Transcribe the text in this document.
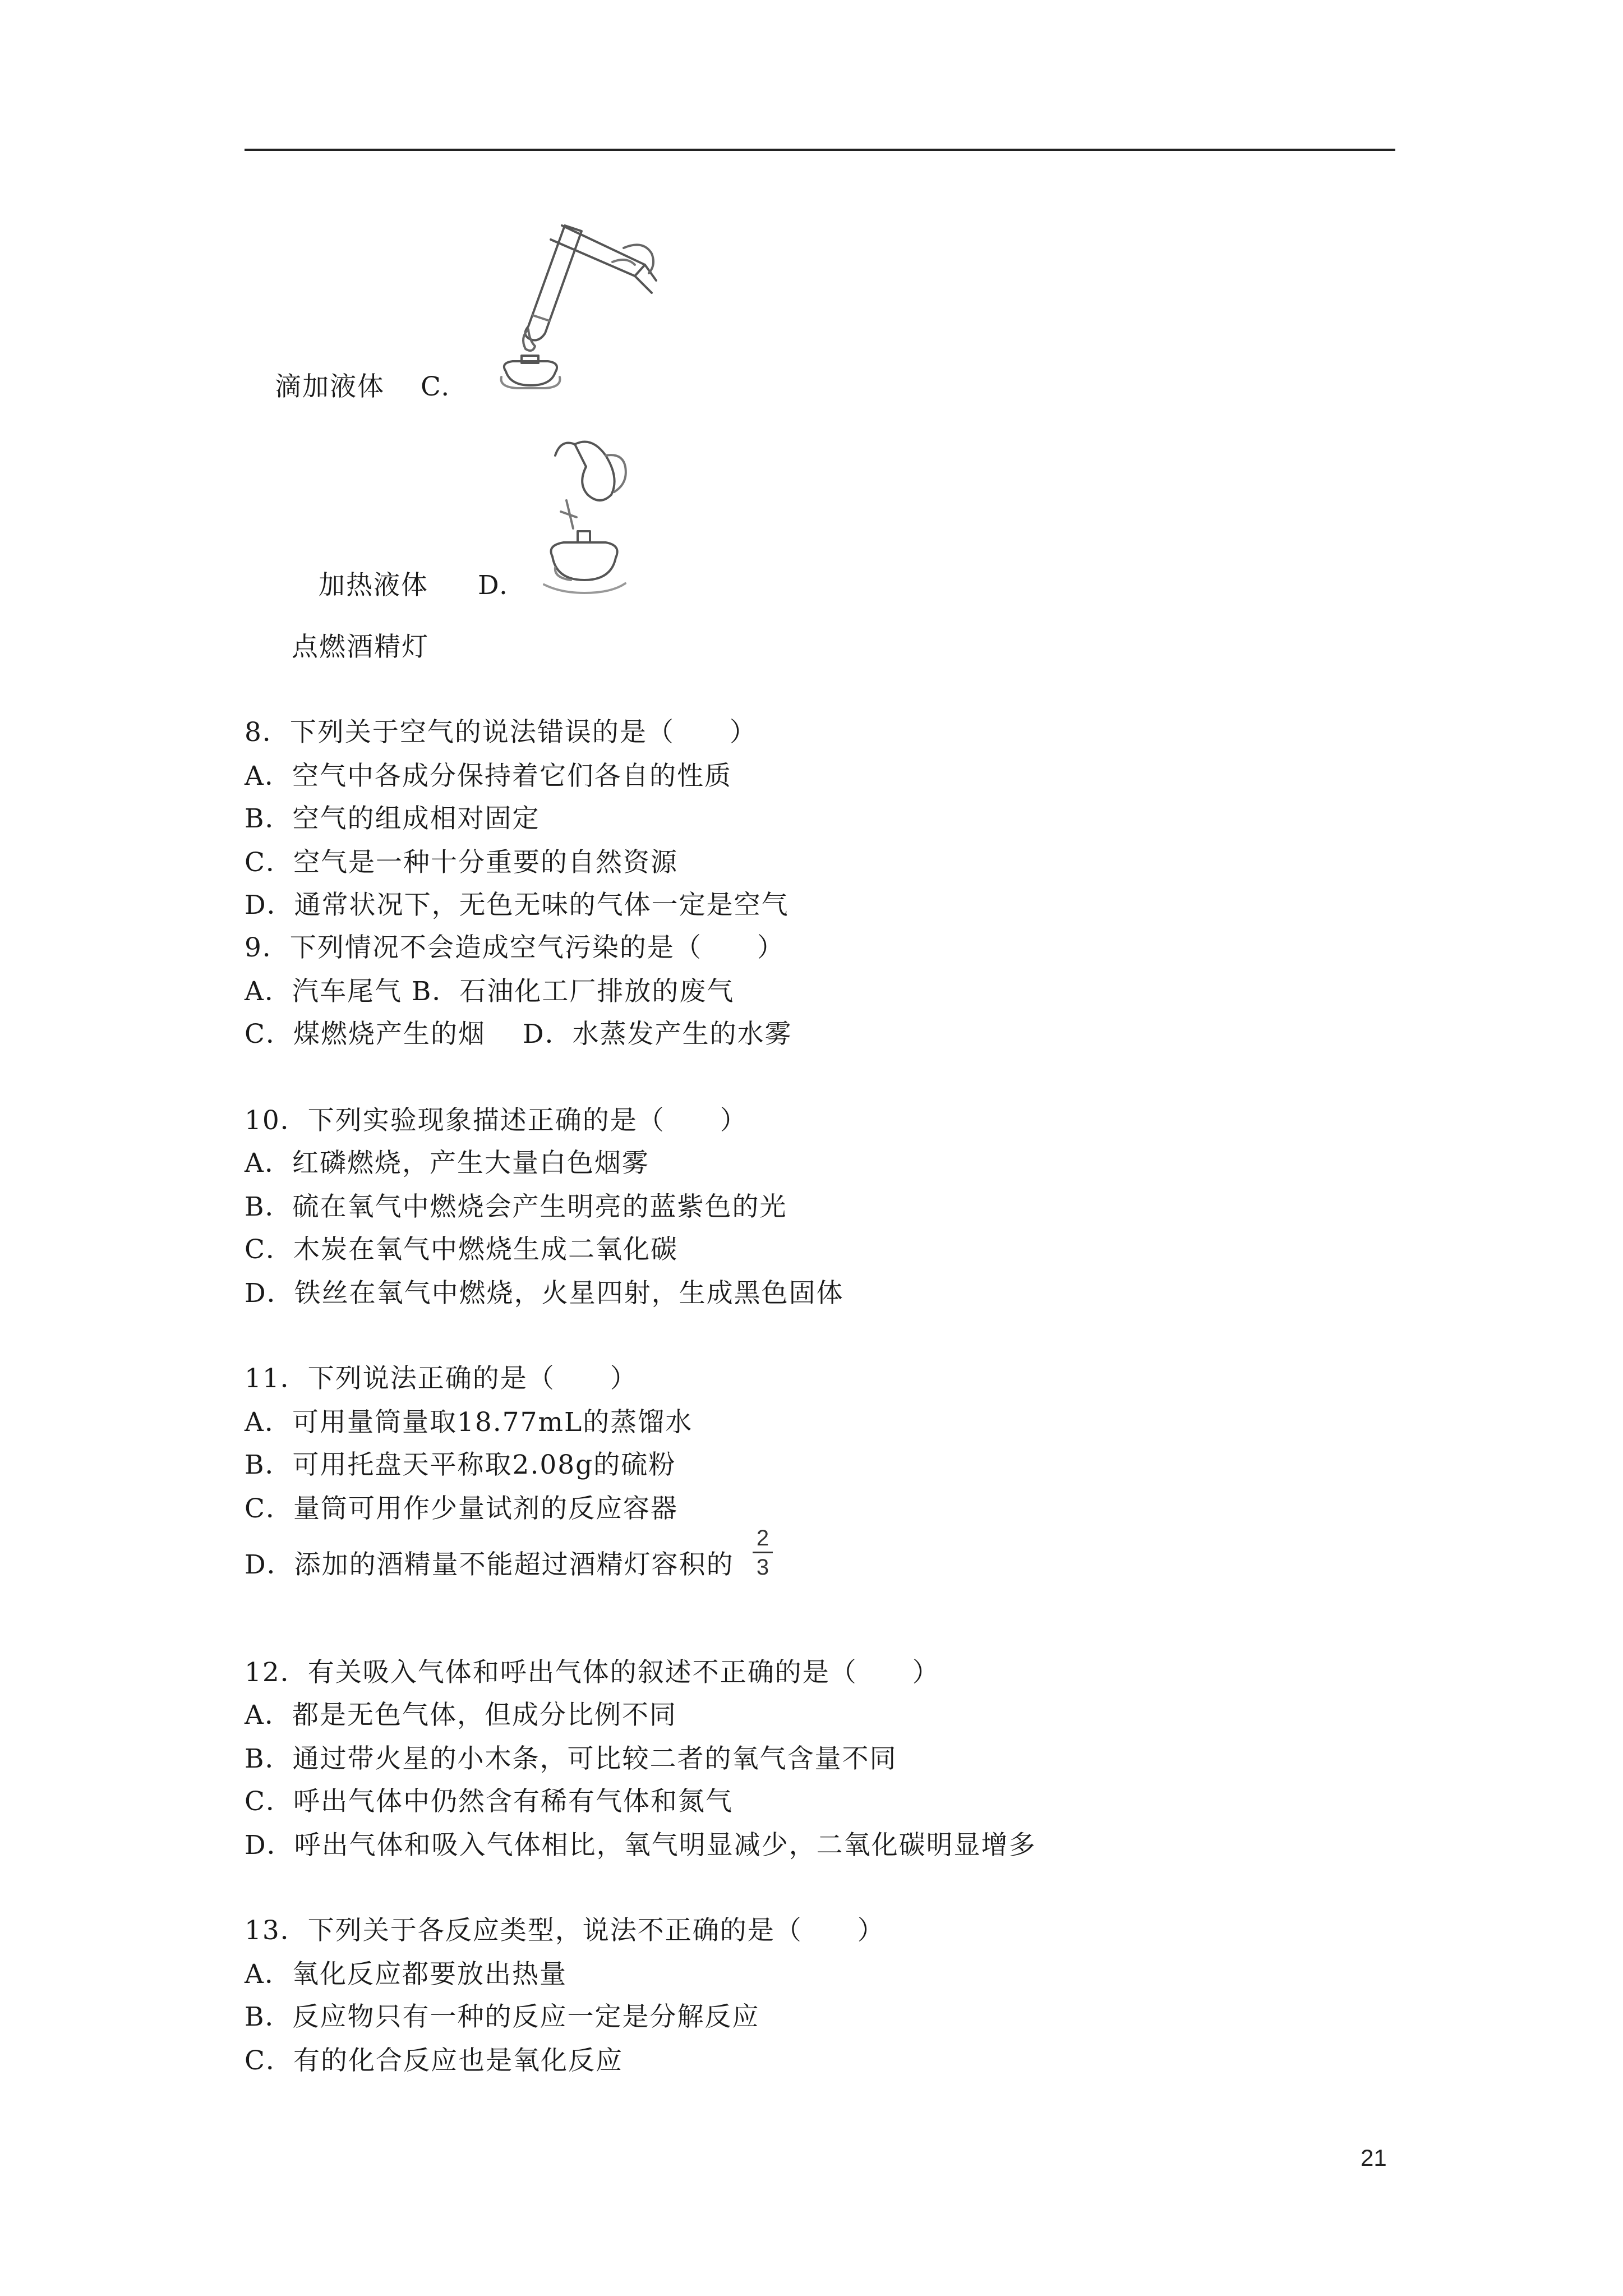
滴加液体 C.
加热液体 D.
点燃酒精灯
8．下列关于空气的说法错误的是（　　）
A．空气中各成分保持着它们各自的性质
B．空气的组成相对固定
C．空气是一种十分重要的自然资源
D．通常状况下，无色无味的气体一定是空气
9．下列情况不会造成空气污染的是（　　）
A．汽车尾气 B．石油化工厂排放的废气
C．煤燃烧产生的烟　 D．水蒸发产生的水雾
10．下列实验现象描述正确的是（　　）
A．红磷燃烧，产生大量白色烟雾
B．硫在氧气中燃烧会产生明亮的蓝紫色的光
C．木炭在氧气中燃烧生成二氧化碳
D．铁丝在氧气中燃烧，火星四射，生成黑色固体
11．下列说法正确的是（　　）
A．可用量筒量取18.77mL的蒸馏水
B．可用托盘天平称取2.08g的硫粉
C．量筒可用作少量试剂的反应容器
D．添加的酒精量不能超过酒精灯容积的
2
3
12．有关吸入气体和呼出气体的叙述不正确的是（　　）
A．都是无色气体，但成分比例不同
B．通过带火星的小木条，可比较二者的氧气含量不同
C．呼出气体中仍然含有稀有气体和氮气
D．呼出气体和吸入气体相比，氧气明显减少，二氧化碳明显增多
13．下列关于各反应类型，说法不正确的是（　　）
A．氧化反应都要放出热量
B．反应物只有一种的反应一定是分解反应
C．有的化合反应也是氧化反应
21
